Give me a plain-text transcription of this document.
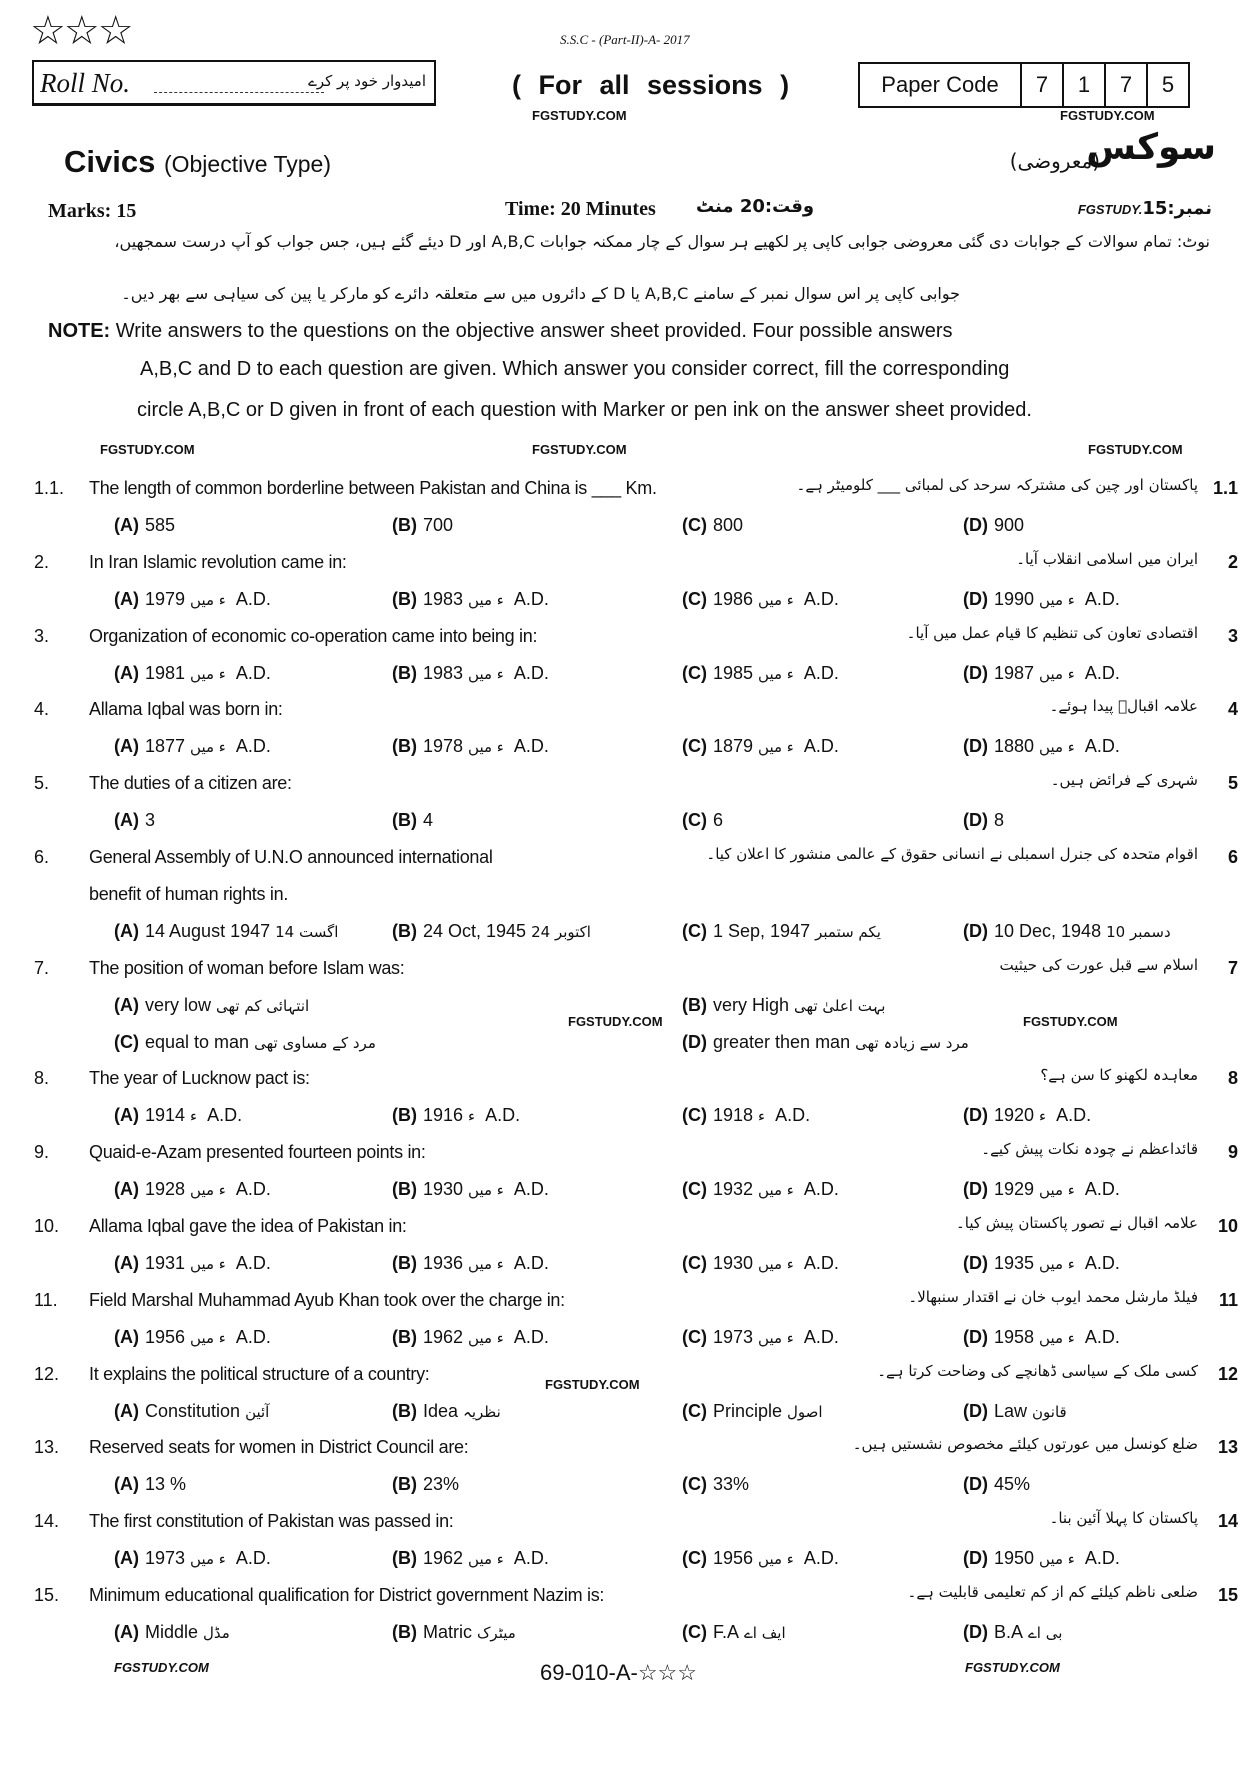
☆☆☆	S.S.C - (Part-II)-A- 2017
Roll No.	امیدوار خود پر کرے	( For all sessions )
FGSTUDY.COM	FGSTUDY.COM
Paper Code	7	1	7	5
Civics (Objective Type)	سوکس
(معروضی)
Marks: 15	Time: 20 Minutes وقت:20 منٹ	FGSTUDY.نمبر:15
نوٹ: تمام سوالات کے جوابات دی گئی معروضی جوابی کاپی پر لکھیے ہر سوال کے چار ممکنہ جوابات A,B,C اور D دیئے گئے ہیں، جس جواب کو آپ درست سمجھیں،
جوابی کاپی پر اس سوال نمبر کے سامنے A,B,C یا D کے دائروں میں سے متعلقہ دائرے کو مارکر یا پین کی سیاہی سے بھر دیں۔
NOTE: Write answers to the questions on the objective answer sheet provided. Four possible answers
A,B,C and D to each question are given. Which answer you consider correct, fill the corresponding
circle A,B,C or D given in front of each question with Marker or pen ink on the answer sheet provided.
FGSTUDY.COM	FGSTUDY.COM	FGSTUDY.COM
FGSTUDY.COM	FGSTUDY.COM
FGSTUDY.COM
FGSTUDY.COM	FGSTUDY.COM
1.1. The length of common borderline between Pakistan and China is ___ Km.	پاکستان اور چین کی مشترکہ سرحد کی لمبائی ___ کلومیٹر ہے۔ 1.1
(A) 585	(B) 700	(C) 800	(D) 900
2. In Iran Islamic revolution came in:	ایران میں اسلامی انقلاب آیا۔ 2
(A)	ء میں1979 A.D.	(B)	ء میں1983 A.D.	(C)	ء میں1986 A.D.	(D)	ء میں1990 A.D.
3. Organization of economic co-operation came into being in:	اقتصادی تعاون کی تنظیم کا قیام عمل میں آیا۔ 3
(A)	ء میں1981 A.D.	(B)	ء میں1983 A.D.	(C)	ء میں1985 A.D.	(D)	ء میں1987 A.D.
4. Allama Iqbal was born in:	علامہ اقبالؒ پیدا ہوئے۔ 4
(A)	ء میں1877 A.D.	(B)	ء میں1978 A.D.	(C)	ء میں1879 A.D.	(D)	ء میں1880 A.D.
5. The duties of a citizen are:	شہری کے فرائض ہیں۔ 5
(A) 3	(B) 4	(C) 6	(D) 8
6. General Assembly of U.N.O announced international	اقوام متحدہ کی جنرل اسمبلی نے انسانی حقوق کے عالمی منشور کا اعلان کیا۔ 6
benefit of human rights in.
(A) 14 August 1947 14 اگست	(B) 24 Oct, 1945 24 اکتوبر	(C) 1 Sep, 1947 یکم ستمبر	(D) 10 Dec, 1948 10 دسمبر
7. The position of woman before Islam was:	اسلام سے قبل عورت کی حیثیت 7
(A) very low انتہائی کم تھی	(B) very High بہت اعلیٰ تھی
(C) equal to man مرد کے مساوی تھی	(D) greater then man مرد سے زیادہ تھی
8. The year of Lucknow pact is:	معاہدہ لکھنو کا سن ہے؟ 8
(A)	ء1914 A.D.	(B)	ء1916 A.D.	(C)	ء1918 A.D.	(D)	ء1920 A.D.
9. Quaid-e-Azam presented fourteen points in:	قائداعظم نے چودہ نکات پیش کیے۔ 9
(A)	ء میں1928 A.D.	(B)	ء میں1930 A.D.	(C)	ء میں1932 A.D.	(D)	ء میں1929 A.D.
10. Allama Iqbal gave the idea of Pakistan in:	علامہ اقبال نے تصور پاکستان پیش کیا۔ 10
(A)	ء میں1931 A.D.	(B)	ء میں1936 A.D.	(C)	ء میں1930 A.D.	(D)	ء میں1935 A.D.
11. Field Marshal Muhammad Ayub Khan took over the charge in:	فیلڈ مارشل محمد ایوب خان نے اقتدار سنبھالا۔ 11
(A)	ء میں1956 A.D.	(B)	ء میں1962 A.D.	(C)	ء میں1973 A.D.	(D)	ء میں1958 A.D.
12. It explains the political structure of a country:	کسی ملک کے سیاسی ڈھانچے کی وضاحت کرتا ہے۔ 12
(A) Constitution آئین	(B) Idea نظریہ	(C) Principle اصول	(D) Law قانون
13. Reserved seats for women in District Council are:	ضلع کونسل میں عورتوں کیلئے مخصوص نشستیں ہیں۔ 13
(A) 13 %	(B) 23%	(C) 33%	(D) 45%
14. The first constitution of Pakistan was passed in:	پاکستان کا پہلا آئین بنا۔ 14
(A)	ء میں1973 A.D.	(B)	ء میں1962 A.D.	(C)	ء میں1956 A.D.	(D)	ء میں1950 A.D.
15. Minimum educational qualification for District government Nazim is:	ضلعی ناظم کیلئے کم از کم تعلیمی قابلیت ہے۔ 15
(A) Middle مڈل	(B) Matric میٹرک	(C) F.A ایف اے	(D) B.A بی اے
69-010-A-☆☆☆
